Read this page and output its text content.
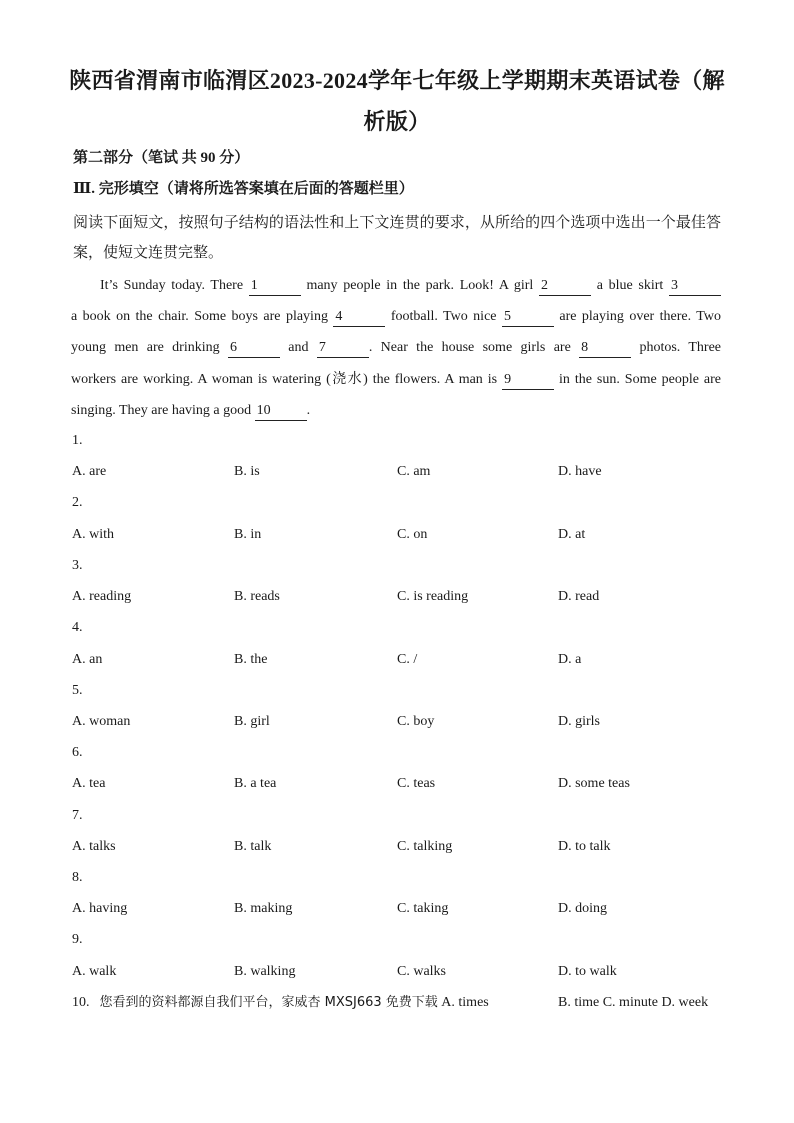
陕西省渭南市临渭区2023-2024学年七年级上学期期末英语试卷（解
析版）
第二部分（笔试 共 90 分）
Ⅲ. 完形填空（请将所选答案填在后面的答题栏里）
阅读下面短文，按照句子结构的语法性和上下文连贯的要求，从所给的四个选项中选出一个最佳答案，使短文连贯完整。
It’s Sunday today. There 1	many people in the park. Look! A girl 2	a blue skirt 3
a book on the chair. Some boys are playing 4	football. Two nice 5	are playing over there. Two
young men are drinking 6	and 7	. Near the house some girls are 8	photos. Three
workers are working. A woman is watering (浇水) the flowers. A man is 9	in the sun. Some people are
singing. They are having a good 10	.
1.
A. are	B. is	C. am	D. have
2.
A. with	B. in	C. on	D. at
3.
A. reading	B. reads	C. is reading	D. read
4.
A. an	B. the	C. /	D. a
5.
A. woman	B. girl	C. boy	D. girls
6.
A. tea	B. a tea	C. teas	D. some teas
7.
A. talks	B. talk	C. talking	D. to talk
8.
A. having	B. making	C. taking	D. doing
9.
A. walk	B. walking	C. walks	D. to walk
10. 您看到的资料都源自我们平台，家威杏 MXSJ663 免费下载 A. times	B. time C. minute D. week
